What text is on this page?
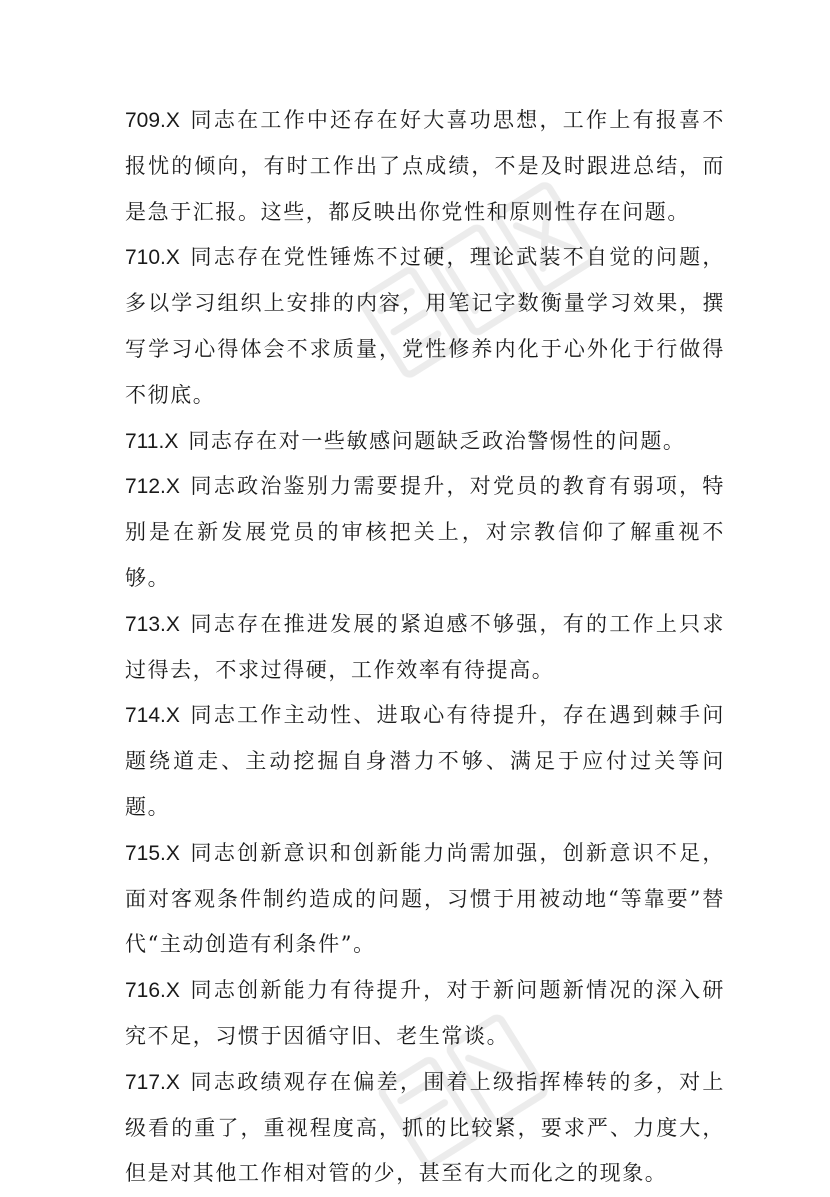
709.X 同志在工作中还存在好大喜功思想，工作上有报喜不报忧的倾向，有时工作出了点成绩，不是及时跟进总结，而是急于汇报。这些，都反映出你党性和原则性存在问题。

710.X 同志存在党性锤炼不过硬，理论武装不自觉的问题，多以学习组织上安排的内容，用笔记字数衡量学习效果，撰写学习心得体会不求质量，党性修养内化于心外化于行做得不彻底。

711.X 同志存在对一些敏感问题缺乏政治警惕性的问题。

712.X 同志政治鉴别力需要提升，对党员的教育有弱项，特别是在新发展党员的审核把关上，对宗教信仰了解重视不够。

713.X 同志存在推进发展的紧迫感不够强，有的工作上只求过得去，不求过得硬，工作效率有待提高。

714.X 同志工作主动性、进取心有待提升，存在遇到棘手问题绕道走、主动挖掘自身潜力不够、满足于应付过关等问题。

715.X 同志创新意识和创新能力尚需加强，创新意识不足，面对客观条件制约造成的问题，习惯于用被动地“等靠要”替代“主动创造有利条件”。

716.X 同志创新能力有待提升，对于新问题新情况的深入研究不足，习惯于因循守旧、老生常谈。

717.X 同志政绩观存在偏差，围着上级指挥棒转的多，对上级看的重了，重视程度高，抓的比较紧，要求严、力度大，但是对其他工作相对管的少，甚至有大而化之的现象。
